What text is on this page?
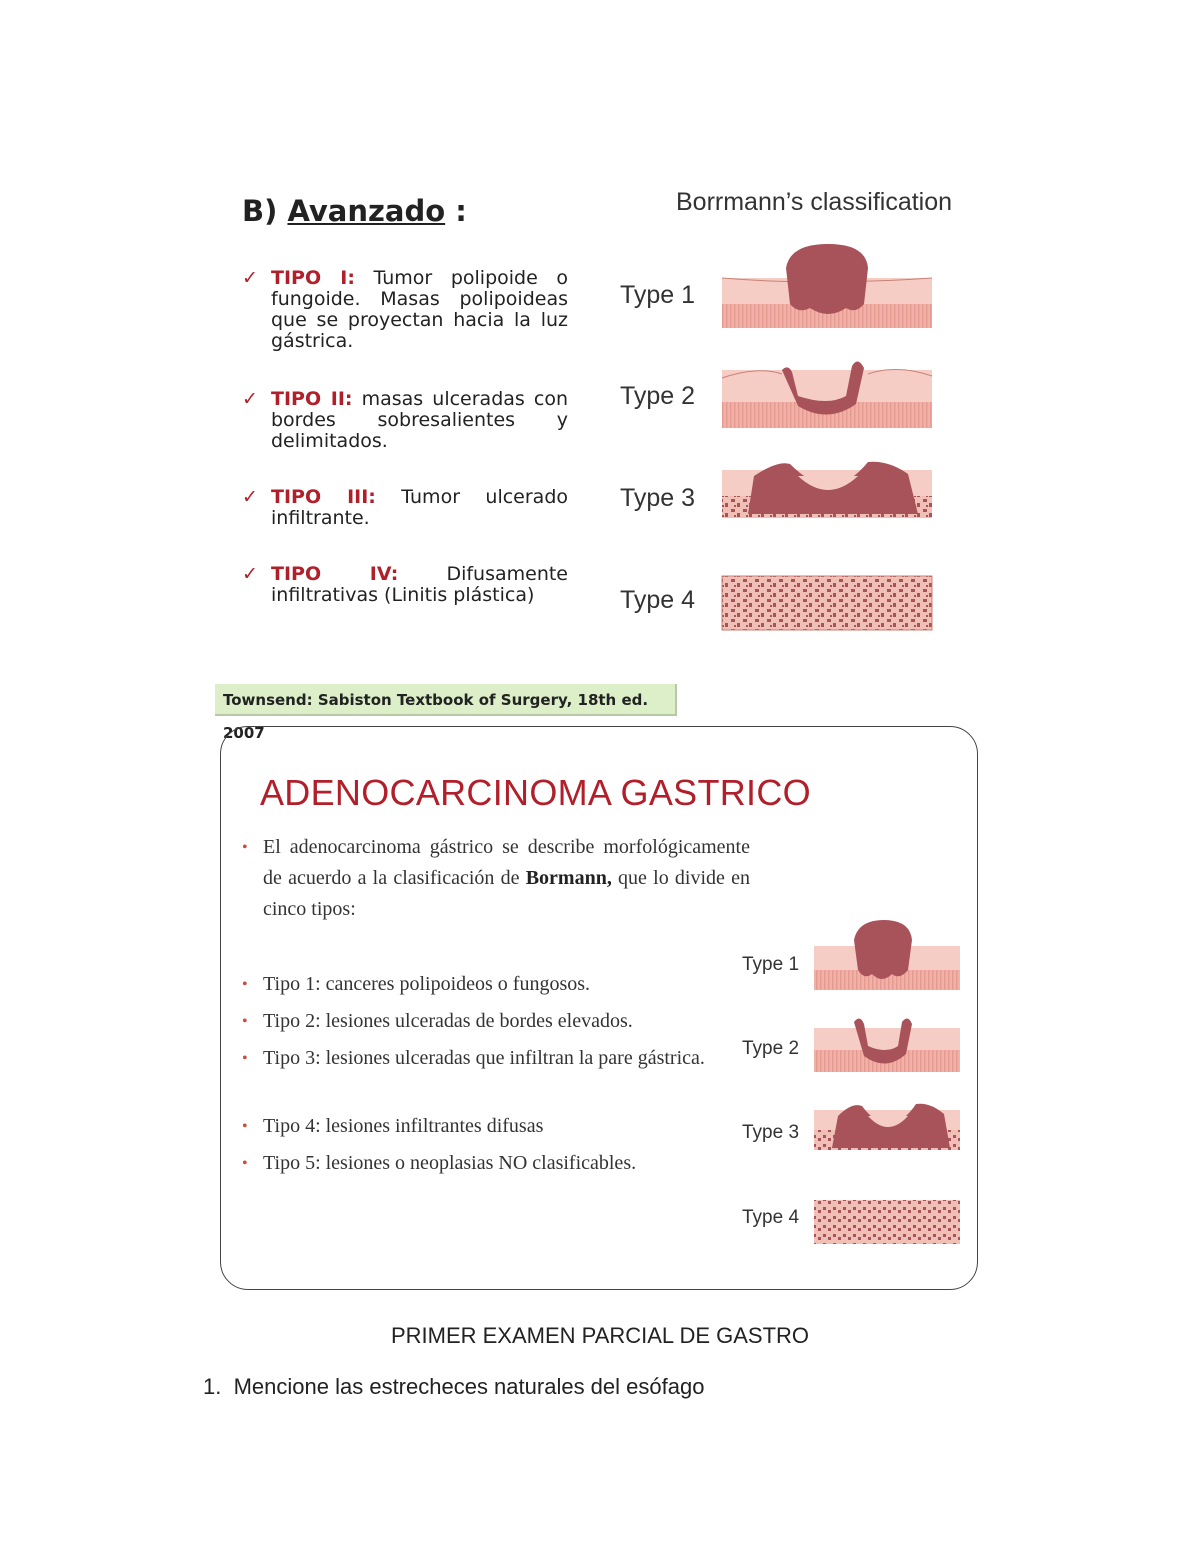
B) Avanzado :
✓ TIPO I: Tumor polipoide o fungoide. Masas polipoideas que se proyectan hacia la luz gástrica.
✓ TIPO II: masas ulceradas con bordes sobresalientes y delimitados.
✓ TIPO III: Tumor ulcerado infiltrante.
✓ TIPO IV:	Difusamente infiltrativas (Linitis plástica)
Borrmann’s classification
Type 1
Type 2
Type 3
Type 4
Townsend: Sabiston Textbook of Surgery, 18th ed. 2007
ADENOCARCINOMA GASTRICO
• El adenocarcinoma gástrico se describe morfológicamente de acuerdo a la clasificación de Bormann, que lo divide en cinco tipos:
• Tipo 1: canceres polipoideos o fungosos.
• Tipo 2: lesiones ulceradas de bordes elevados.
• Tipo 3: lesiones ulceradas que infiltran la pare gástrica.
• Tipo 4: lesiones infiltrantes difusas
• Tipo 5: lesiones o neoplasias NO clasificables.
Type 1
Type 2
Type 3
Type 4
PRIMER EXAMEN PARCIAL DE GASTRO
1. Mencione las estrecheces naturales del esófago
